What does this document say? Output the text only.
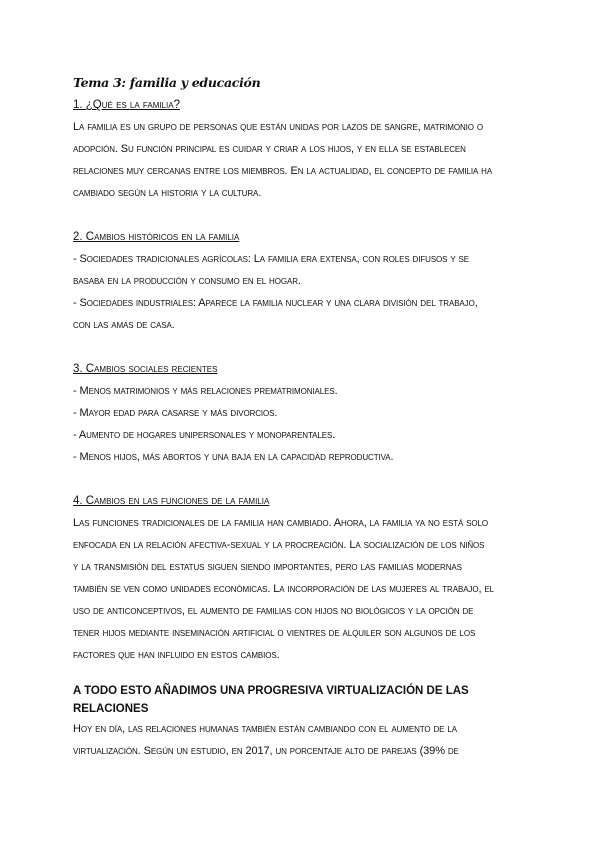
Tema 3: familia y educación
1. ¿Qué es la familia?
La familia es un grupo de personas que están unidas por lazos de sangre, matrimonio o
adopción. Su función principal es cuidar y criar a los hijos, y en ella se establecen
relaciones muy cercanas entre los miembros. En la actualidad, el concepto de familia ha
cambiado según la historia y la cultura.
2. Cambios históricos en la familia
- Sociedades tradicionales agrícolas: La familia era extensa, con roles difusos y se
basaba en la producción y consumo en el hogar.
- Sociedades industriales: Aparece la familia nuclear y una clara división del trabajo,
con las amas de casa.
3. Cambios sociales recientes
- Menos matrimonios y más relaciones prematrimoniales.
- Mayor edad para casarse y más divorcios.
- Aumento de hogares unipersonales y monoparentales.
- Menos hijos, más abortos y una baja en la capacidad reproductiva.
4. Cambios en las funciones de la familia
Las funciones tradicionales de la familia han cambiado. Ahora, la familia ya no está solo
enfocada en la relación afectiva-sexual y la procreación. La socialización de los niños
y la transmisión del estatus siguen siendo importantes, pero las familias modernas
también se ven como unidades económicas. La incorporación de las mujeres al trabajo, el
uso de anticonceptivos, el aumento de familias con hijos no biológicos y la opción de
tener hijos mediante inseminación artificial o vientres de alquiler son algunos de los
factores que han influido en estos cambios.
A TODO ESTO AÑADIMOS UNA PROGRESIVA VIRTUALIZACIÓN DE LAS
RELACIONES
Hoy en día, las relaciones humanas también están cambiando con el aumento de la
virtualización. Según un estudio, en 2017, un porcentaje alto de parejas (39% de
